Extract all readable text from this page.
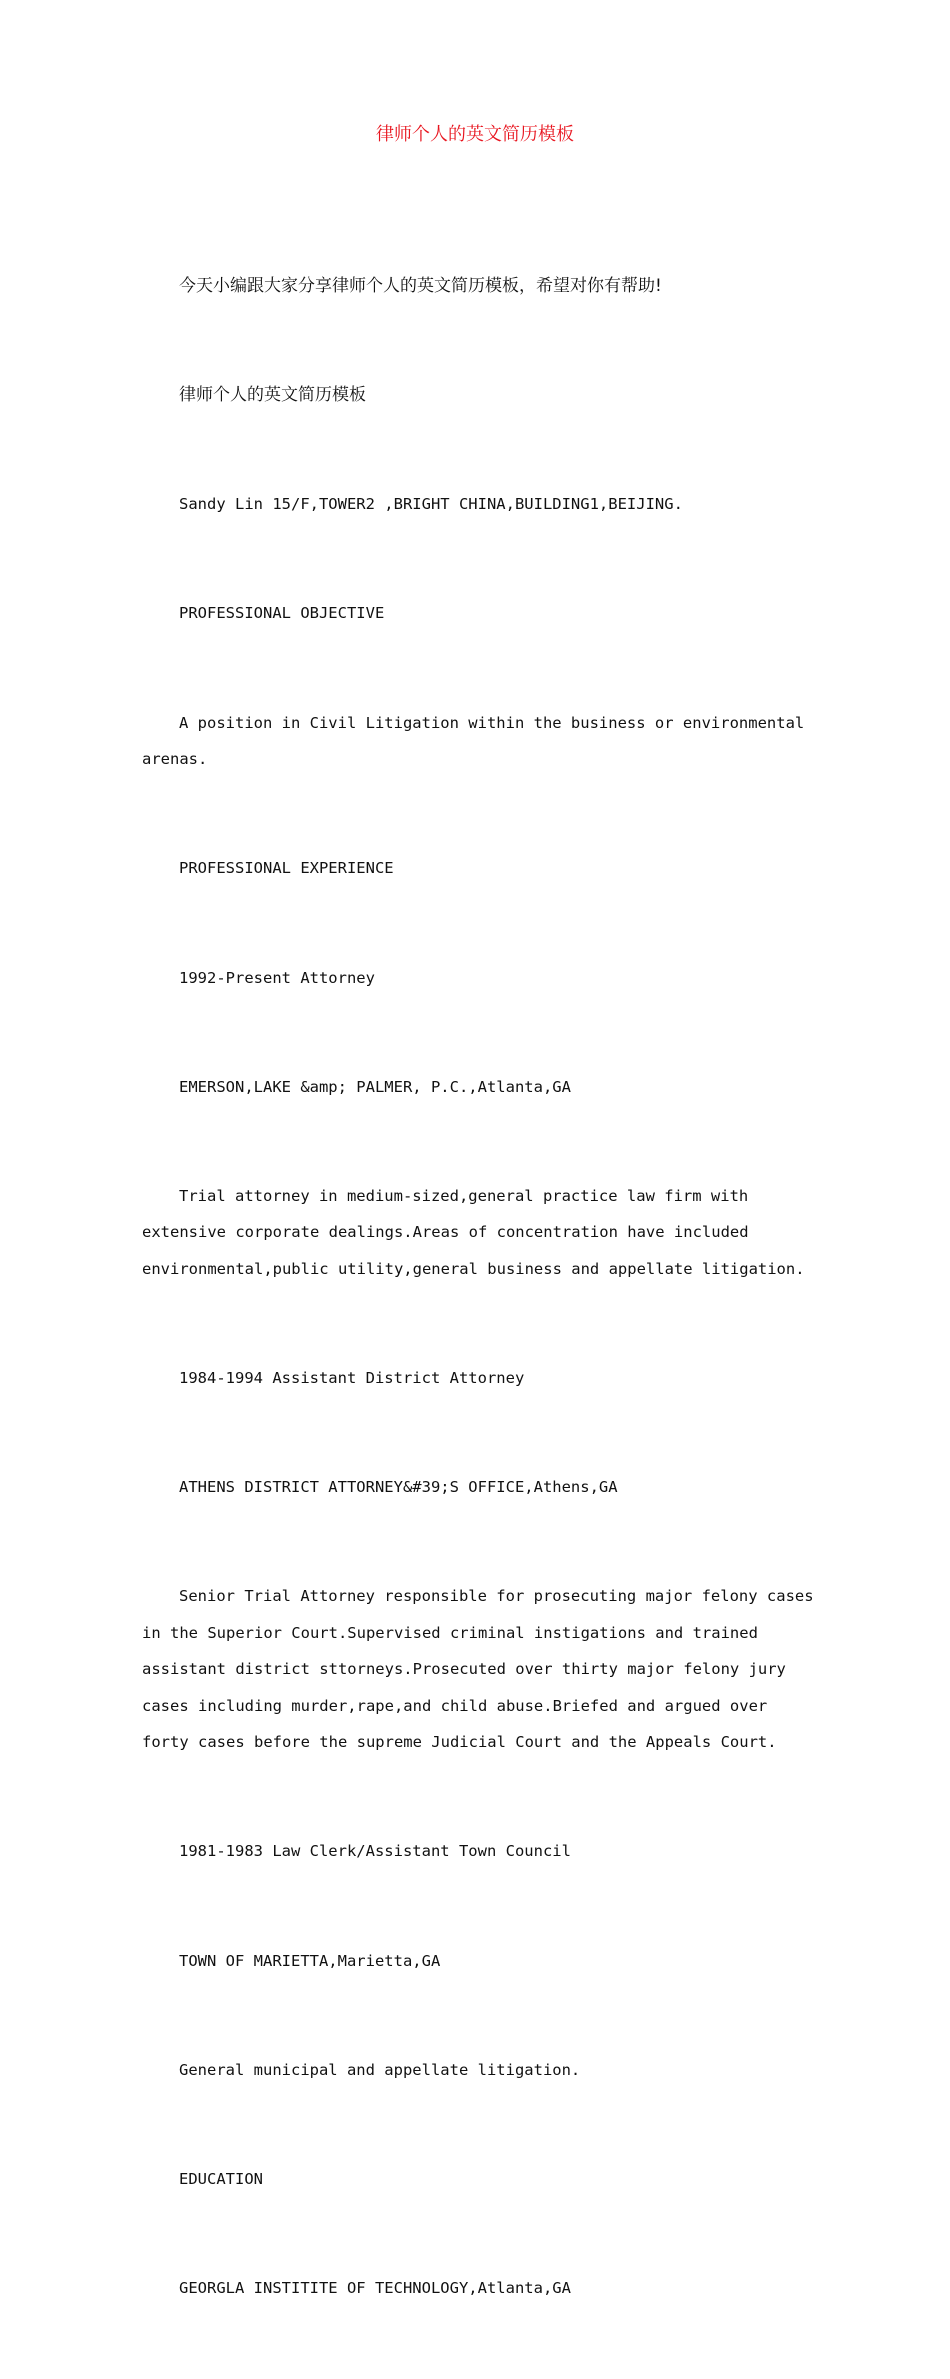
律师个人的英文简历模板

今天小编跟大家分享律师个人的英文简历模板，希望对你有帮助!

律师个人的英文简历模板

Sandy Lin 15/F,TOWER2 ,BRIGHT CHINA,BUILDING1,BEIJING.

PROFESSIONAL OBJECTIVE

A position in Civil Litigation within the business or environmental arenas.

PROFESSIONAL EXPERIENCE

1992-Present Attorney

EMERSON,LAKE &amp; PALMER, P.C.,Atlanta,GA

Trial attorney in medium-sized,general practice law firm with extensive corporate dealings.Areas of concentration have included environmental,public utility,general business and appellate litigation.

1984-1994 Assistant District Attorney

ATHENS DISTRICT ATTORNEY&#39;S OFFICE,Athens,GA

Senior Trial Attorney responsible for prosecuting major felony cases in the Superior Court.Supervised criminal instigations and trained assistant district sttorneys.Prosecuted over thirty major felony jury cases including murder,rape,and child abuse.Briefed and argued over forty cases before the supreme Judicial Court and the Appeals Court.

1981-1983 Law Clerk/Assistant Town Council

TOWN OF MARIETTA,Marietta,GA

General municipal and appellate litigation.

EDUCATION

GEORGLA INSTITITE OF TECHNOLOGY,Atlanta,GA
